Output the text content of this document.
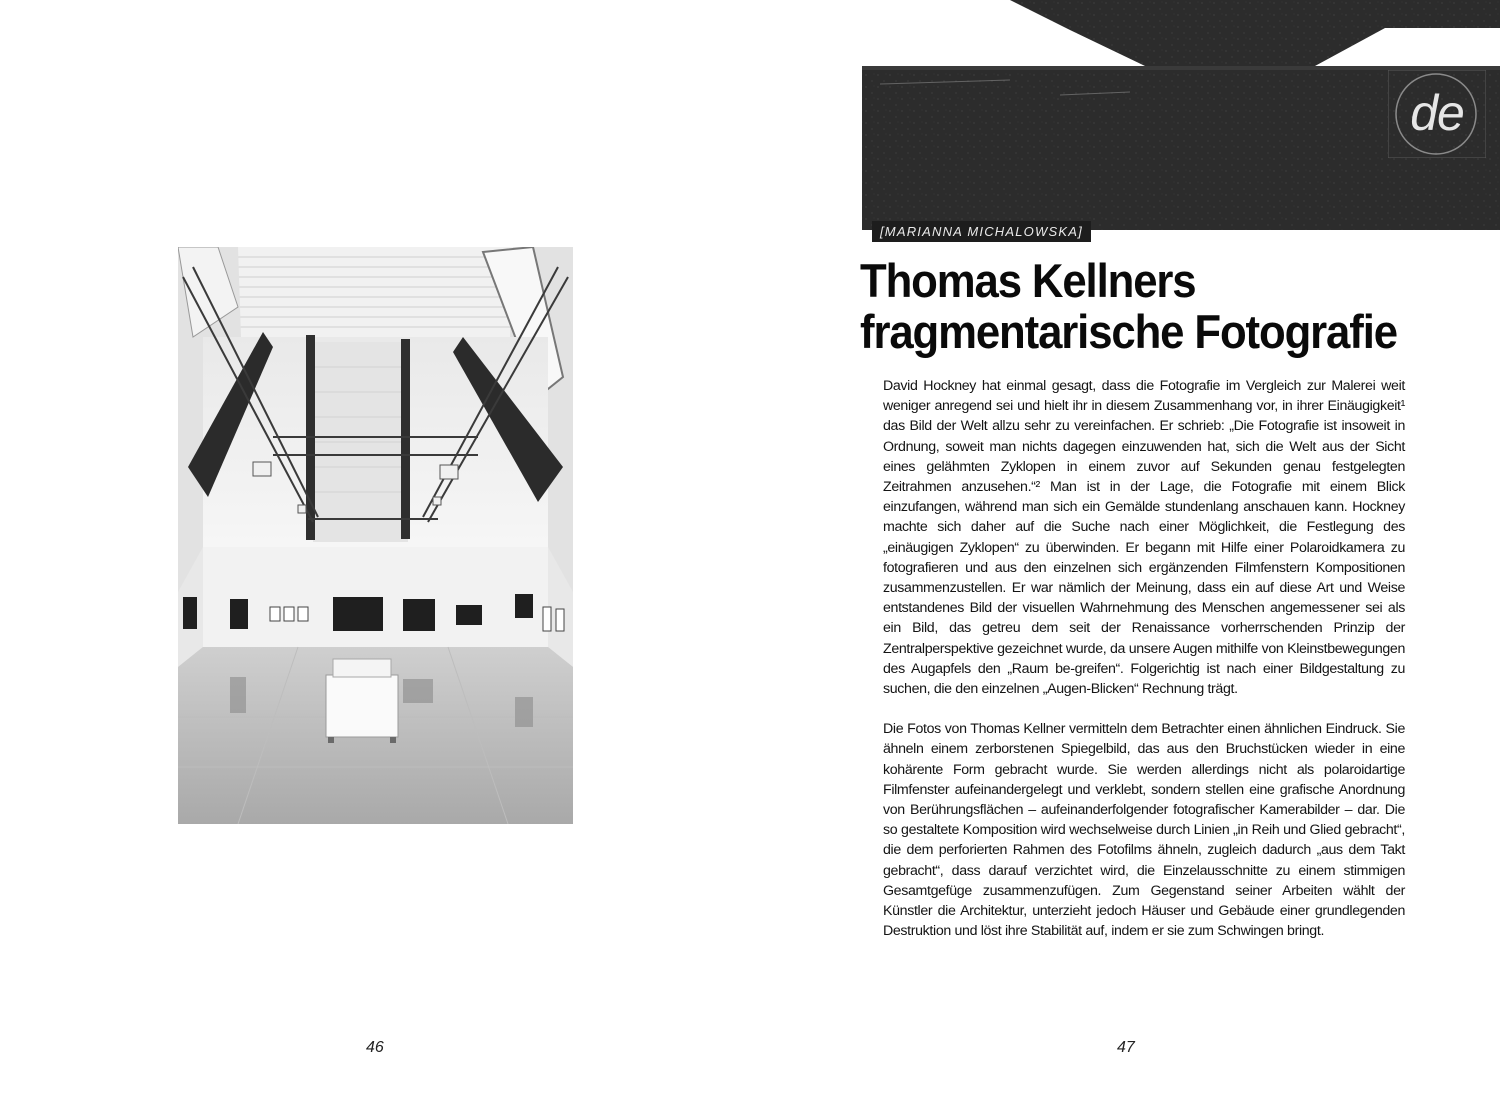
46
de
[MARIANNA MICHALOWSKA]
Thomas Kellners
fragmentarische Fotografie

David Hockney hat einmal gesagt, dass die Fotografie im Vergleich zur Malerei weit weniger anregend sei und hielt ihr in diesem Zusammenhang vor, in ihrer Einäugigkeit¹ das Bild der Welt allzu sehr zu vereinfachen. Er schrieb: „Die Fotografie ist insoweit in Ordnung, soweit man nichts dagegen einzuwenden hat, sich die Welt aus der Sicht eines gelähmten Zyklopen in einem zuvor auf Sekunden genau festgelegten Zeitrahmen anzusehen.“² Man ist in der Lage, die Fotografie mit einem Blick einzufangen, während man sich ein Gemälde stundenlang anschauen kann. Hockney machte sich daher auf die Suche nach einer Möglichkeit, die Festlegung des „einäugigen Zyklopen“ zu überwinden. Er begann mit Hilfe einer Polaroidkamera zu fotografieren und aus den einzelnen sich ergänzenden Filmfenstern Kompositionen zusammenzustellen. Er war nämlich der Meinung, dass ein auf diese Art und Weise entstandenes Bild der visuellen Wahrnehmung des Menschen angemessener sei als ein Bild, das getreu dem seit der Renaissance vorherrschenden Prinzip der Zentralperspektive gezeichnet wurde, da unsere Augen mithilfe von Kleinstbewegungen des Augapfels den „Raum be-greifen“. Folgerichtig ist nach einer Bildgestaltung zu suchen, die den einzelnen „Augen-Blicken“ Rechnung trägt.

Die Fotos von Thomas Kellner vermitteln dem Betrachter einen ähnlichen Eindruck. Sie ähneln einem zerborstenen Spiegelbild, das aus den Bruchstücken wieder in eine kohärente Form gebracht wurde. Sie werden allerdings nicht als polaroidartige Filmfenster aufeinandergelegt und verklebt, sondern stellen eine grafische Anordnung von Berührungsflächen – aufeinanderfolgender fotografischer Kamerabilder – dar. Die so gestaltete Komposition wird wechselweise durch Linien „in Reih und Glied gebracht“, die dem perforierten Rahmen des Fotofilms ähneln, zugleich dadurch „aus dem Takt gebracht“, dass darauf verzichtet wird, die Einzelausschnitte zu einem stimmigen Gesamtgefüge zusammenzufügen. Zum Gegenstand seiner Arbeiten wählt der Künstler die Architektur, unterzieht jedoch Häuser und Gebäude einer grundlegenden Destruktion und löst ihre Stabilität auf, indem er sie zum Schwingen bringt.

47
